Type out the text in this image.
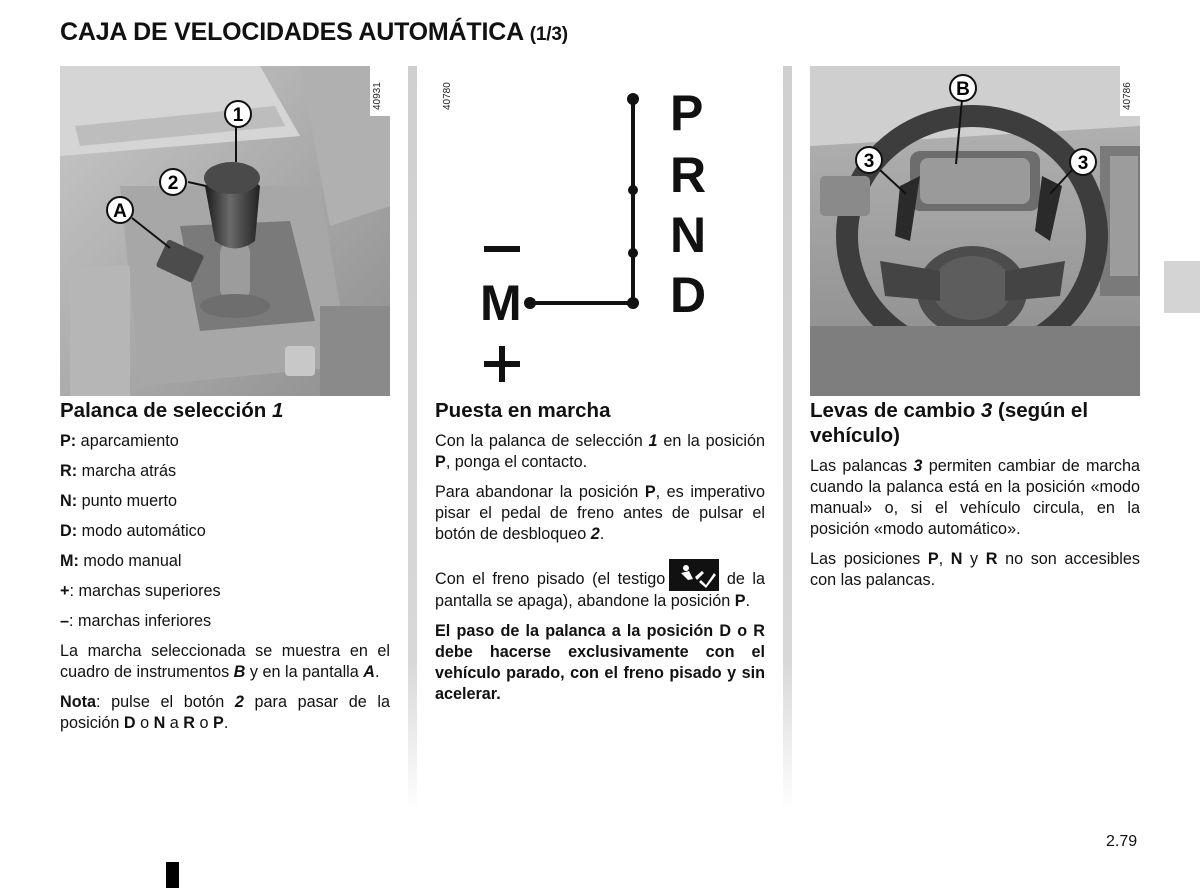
CAJA DE VELOCIDADES AUTOMÁTICA (1/3)
1
2
A
40931	P
R
N
D
M
40780	B
3	3
40786
Palanca de selección 1
P: aparcamiento
R: marcha atrás
N: punto muerto
D: modo automático
M: modo manual
+: marchas superiores
–: marchas inferiores

La marcha seleccionada se muestra en el cuadro de instrumentos B y en la pantalla A.

Nota: pulse el botón 2 para pasar de la posición D o N a R o P.

Puesta en marcha

Con la palanca de selección 1 en la posición P, ponga el contacto.

Para abandonar la posición P, es imperativo pisar el pedal de freno antes de pulsar el botón de desbloqueo 2.

Con el freno pisado (el testigo	de la pantalla se apaga), abandone la posición P.

El paso de la palanca a la posición D o R debe hacerse exclusivamente con el vehículo parado, con el freno pisado y sin acelerar.

Levas de cambio 3 (según el vehículo)

Las palancas 3 permiten cambiar de marcha cuando la palanca está en la posición «modo manual» o, si el vehículo circula, en la posición «modo automático».

Las posiciones P, N y R no son accesibles con las palancas.

2.79
